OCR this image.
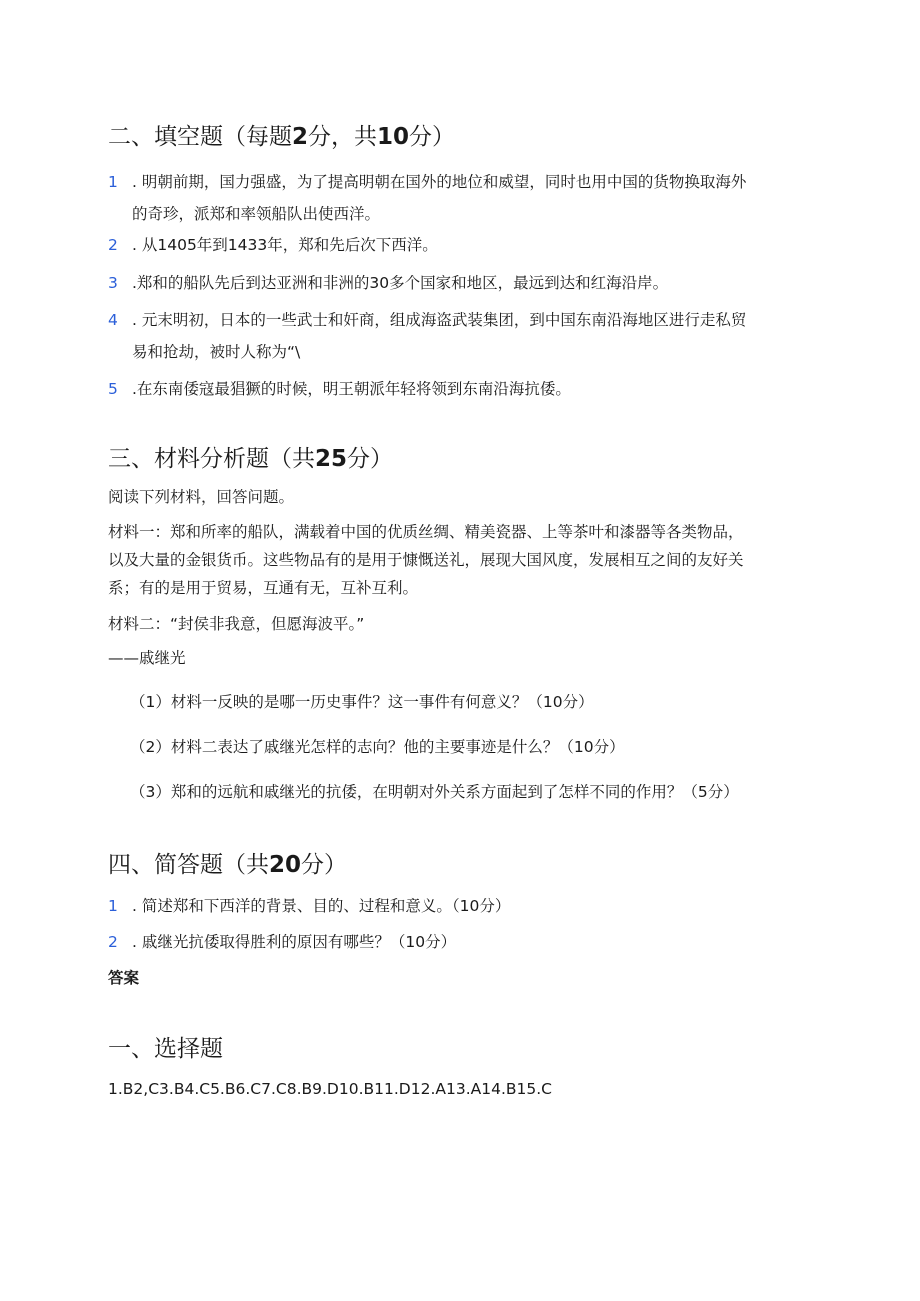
二、填空题（每题2分，共10分）
1 . 明朝前期，国力强盛，为了提高明朝在国外的地位和威望，同时也用中国的货物换取海外
的奇珍，派郑和率领船队出使西洋。
2 . 从1405年到1433年，郑和先后次下西洋。
3 .郑和的船队先后到达亚洲和非洲的30多个国家和地区，最远到达和红海沿岸。
4 . 元末明初，日本的一些武士和奸商，组成海盗武装集团，到中国东南沿海地区进行走私贸
易和抢劫，被时人称为“\
5 .在东南倭寇最猖獗的时候，明王朝派年轻将领到东南沿海抗倭。
三、材料分析题（共25分）
阅读下列材料，回答问题。
材料一：郑和所率的船队，满载着中国的优质丝绸、精美瓷器、上等茶叶和漆器等各类物品，
以及大量的金银货币。这些物品有的是用于慷慨送礼，展现大国风度，发展相互之间的友好关
系；有的是用于贸易，互通有无，互补互利。
材料二：“封侯非我意，但愿海波平。”
——戚继光
（1）材料一反映的是哪一历史事件？这一事件有何意义？（10分）
（2）材料二表达了戚继光怎样的志向？他的主要事迹是什么？（10分）
（3）郑和的远航和戚继光的抗倭，在明朝对外关系方面起到了怎样不同的作用？（5分）
四、简答题（共20分）
1 . 简述郑和下西洋的背景、目的、过程和意义。（10分）
2 . 戚继光抗倭取得胜利的原因有哪些？（10分）
答案
一、选择题
1.B2,C3.B4.C5.B6.C7.C8.B9.D10.B11.D12.A13.A14.B15.C
